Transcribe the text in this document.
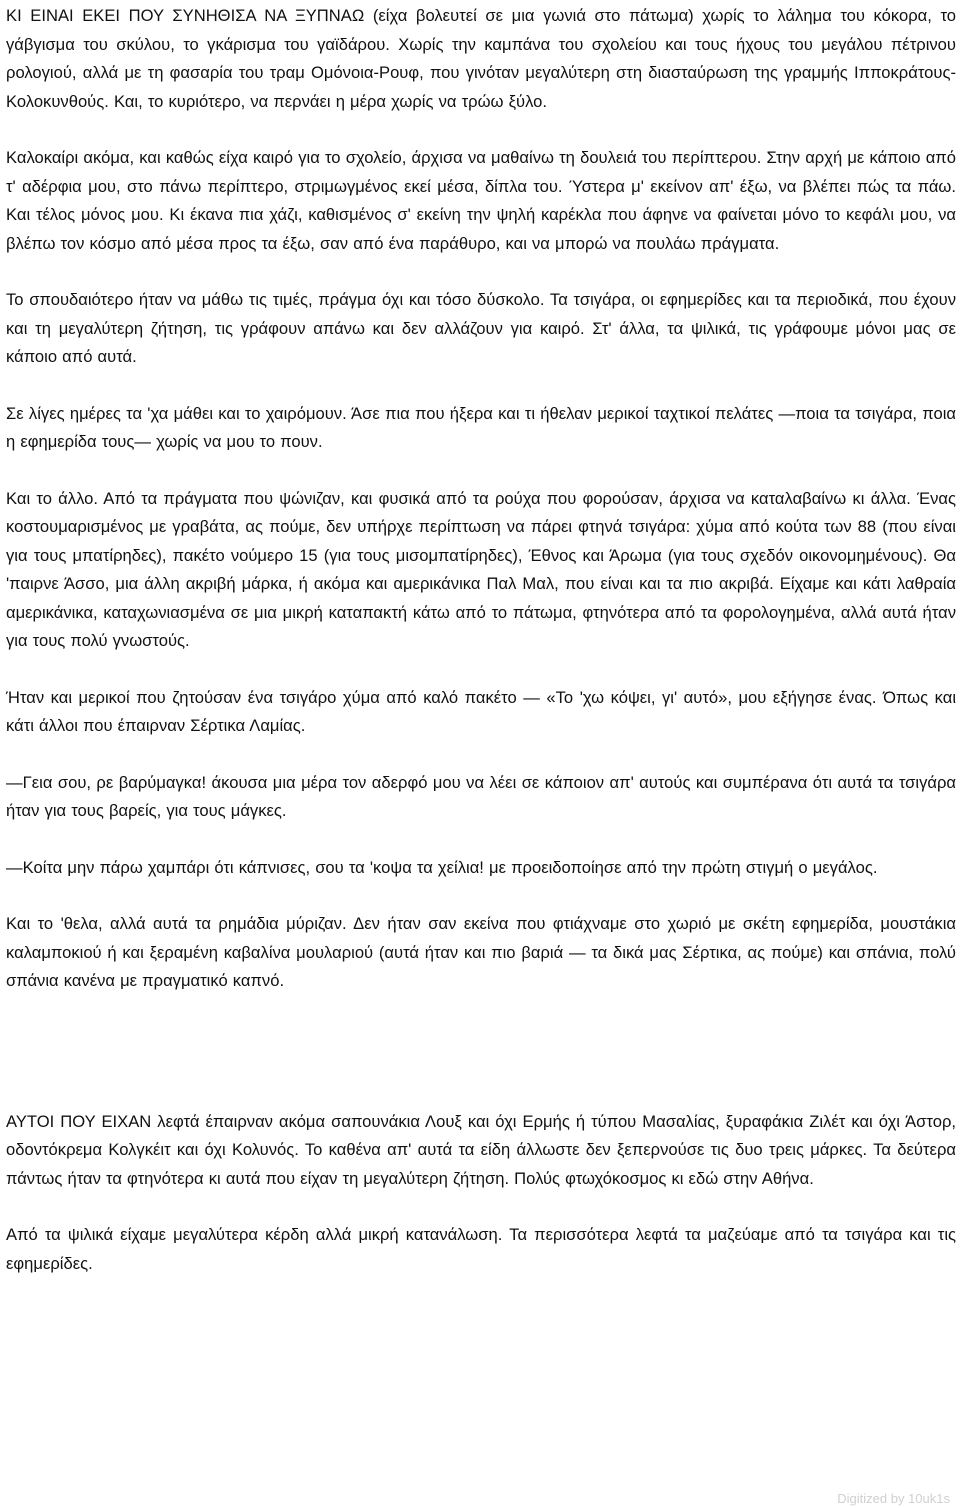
ΚΙ ΕΙΝΑΙ ΕΚΕΙ ΠΟΥ ΣΥΝΗΘΙΣΑ ΝΑ ΞΥΠΝΑΩ (είχα βολευτεί σε μια γωνιά στο πάτωμα) χωρίς το λάλημα του κόκορα, το γάβγισμα του σκύλου, το γκάρισμα του γαϊδάρου. Χωρίς την καμπάνα του σχολείου και τους ήχους του μεγάλου πέτρινου ρολογιού, αλλά με τη φασαρία του τραμ Ομόνοια-Ρουφ, που γινόταν μεγαλύτερη στη διασταύρωση της γραμμής Ιπποκράτους-Κολοκυνθούς. Και, το κυριότερο, να περνάει η μέρα χωρίς να τρώω ξύλο.

Καλοκαίρι ακόμα, και καθώς είχα καιρό για το σχολείο, άρχισα να μαθαίνω τη δουλειά του περίπτερου. Στην αρχή με κάποιο από τ' αδέρφια μου, στο πάνω περίπτερο, στριμωγμένος εκεί μέσα, δίπλα του. Ύστερα μ' εκείνον απ' έξω, να βλέπει πώς τα πάω. Και τέλος μόνος μου. Κι έκανα πια χάζι, καθισμένος σ' εκείνη την ψηλή καρέκλα που άφηνε να φαίνεται μόνο το κεφάλι μου, να βλέπω τον κόσμο από μέσα προς τα έξω, σαν από ένα παράθυρο, και να μπορώ να πουλάω πράγματα.

Το σπουδαιότερο ήταν να μάθω τις τιμές, πράγμα όχι και τόσο δύσκολο. Τα τσιγάρα, οι εφημερίδες και τα περιοδικά, που έχουν και τη μεγαλύτερη ζήτηση, τις γράφουν απάνω και δεν αλλάζουν για καιρό. Στ' άλλα, τα ψιλικά, τις γράφουμε μόνοι μας σε κάποιο από αυτά.

Σε λίγες ημέρες τα 'χα μάθει και το χαιρόμουν. Άσε πια που ήξερα και τι ήθελαν μερικοί ταχτικοί πελάτες —ποια τα τσιγάρα, ποια η εφημερίδα τους— χωρίς να μου το πουν.

Και το άλλο. Από τα πράγματα που ψώνιζαν, και φυσικά από τα ρούχα που φορούσαν, άρχισα να καταλαβαίνω κι άλλα. Ένας κοστουμαρισμένος με γραβάτα, ας πούμε, δεν υπήρχε περίπτωση να πάρει φτηνά τσιγάρα: χύμα από κούτα των 88 (που είναι για τους μπατίρηδες), πακέτο νούμερο 15 (για τους μισομπατίρηδες), Έθνος και Άρωμα (για τους σχεδόν οικονομημένους). Θα 'παιρνε Άσσο, μια άλλη ακριβή μάρκα, ή ακόμα και αμερικάνικα Παλ Μαλ, που είναι και τα πιο ακριβά. Είχαμε και κάτι λαθραία αμερικάνικα, καταχωνιασμένα σε μια μικρή καταπακτή κάτω από το πάτωμα, φτηνότερα από τα φορολογημένα, αλλά αυτά ήταν για τους πολύ γνωστούς.

Ήταν και μερικοί που ζητούσαν ένα τσιγάρο χύμα από καλό πακέτο — «Το 'χω κόψει, γι' αυτό», μου εξήγησε ένας. Όπως και κάτι άλλοι που έπαιρναν Σέρτικα Λαμίας.

—Γεια σου, ρε βαρύμαγκα! άκουσα μια μέρα τον αδερφό μου να λέει σε κάποιον απ' αυτούς και συμπέρανα ότι αυτά τα τσιγάρα ήταν για τους βαρείς, για τους μάγκες.

—Κοίτα μην πάρω χαμπάρι ότι κάπνισες, σου τα 'κοψα τα χείλια! με προειδοποίησε από την πρώτη στιγμή ο μεγάλος.

Και το 'θελα, αλλά αυτά τα ρημάδια μύριζαν. Δεν ήταν σαν εκείνα που φτιάχναμε στο χωριό με σκέτη εφημερίδα, μουστάκια καλαμποκιού ή και ξεραμένη καβαλίνα μουλαριού (αυτά ήταν και πιο βαριά — τα δικά μας Σέρτικα, ας πούμε) και σπάνια, πολύ σπάνια κανένα με πραγματικό καπνό.

ΑΥΤΟΙ ΠΟΥ ΕΙΧΑΝ λεφτά έπαιρναν ακόμα σαπουνάκια Λουξ και όχι Ερμής ή τύπου Μασαλίας, ξυραφάκια Ζιλέτ και όχι Άστορ, οδοντόκρεμα Κολγκέιτ και όχι Κολυνός. Το καθένα απ' αυτά τα είδη άλλωστε δεν ξεπερνούσε τις δυο τρεις μάρκες. Τα δεύτερα πάντως ήταν τα φτηνότερα κι αυτά που είχαν τη μεγαλύτερη ζήτηση. Πολύς φτωχόκοσμος κι εδώ στην Αθήνα.

Από τα ψιλικά είχαμε μεγαλύτερα κέρδη αλλά μικρή κατανάλωση. Τα περισσότερα λεφτά τα μαζεύαμε από τα τσιγάρα και τις εφημερίδες.

Digitized by 10uk1s
